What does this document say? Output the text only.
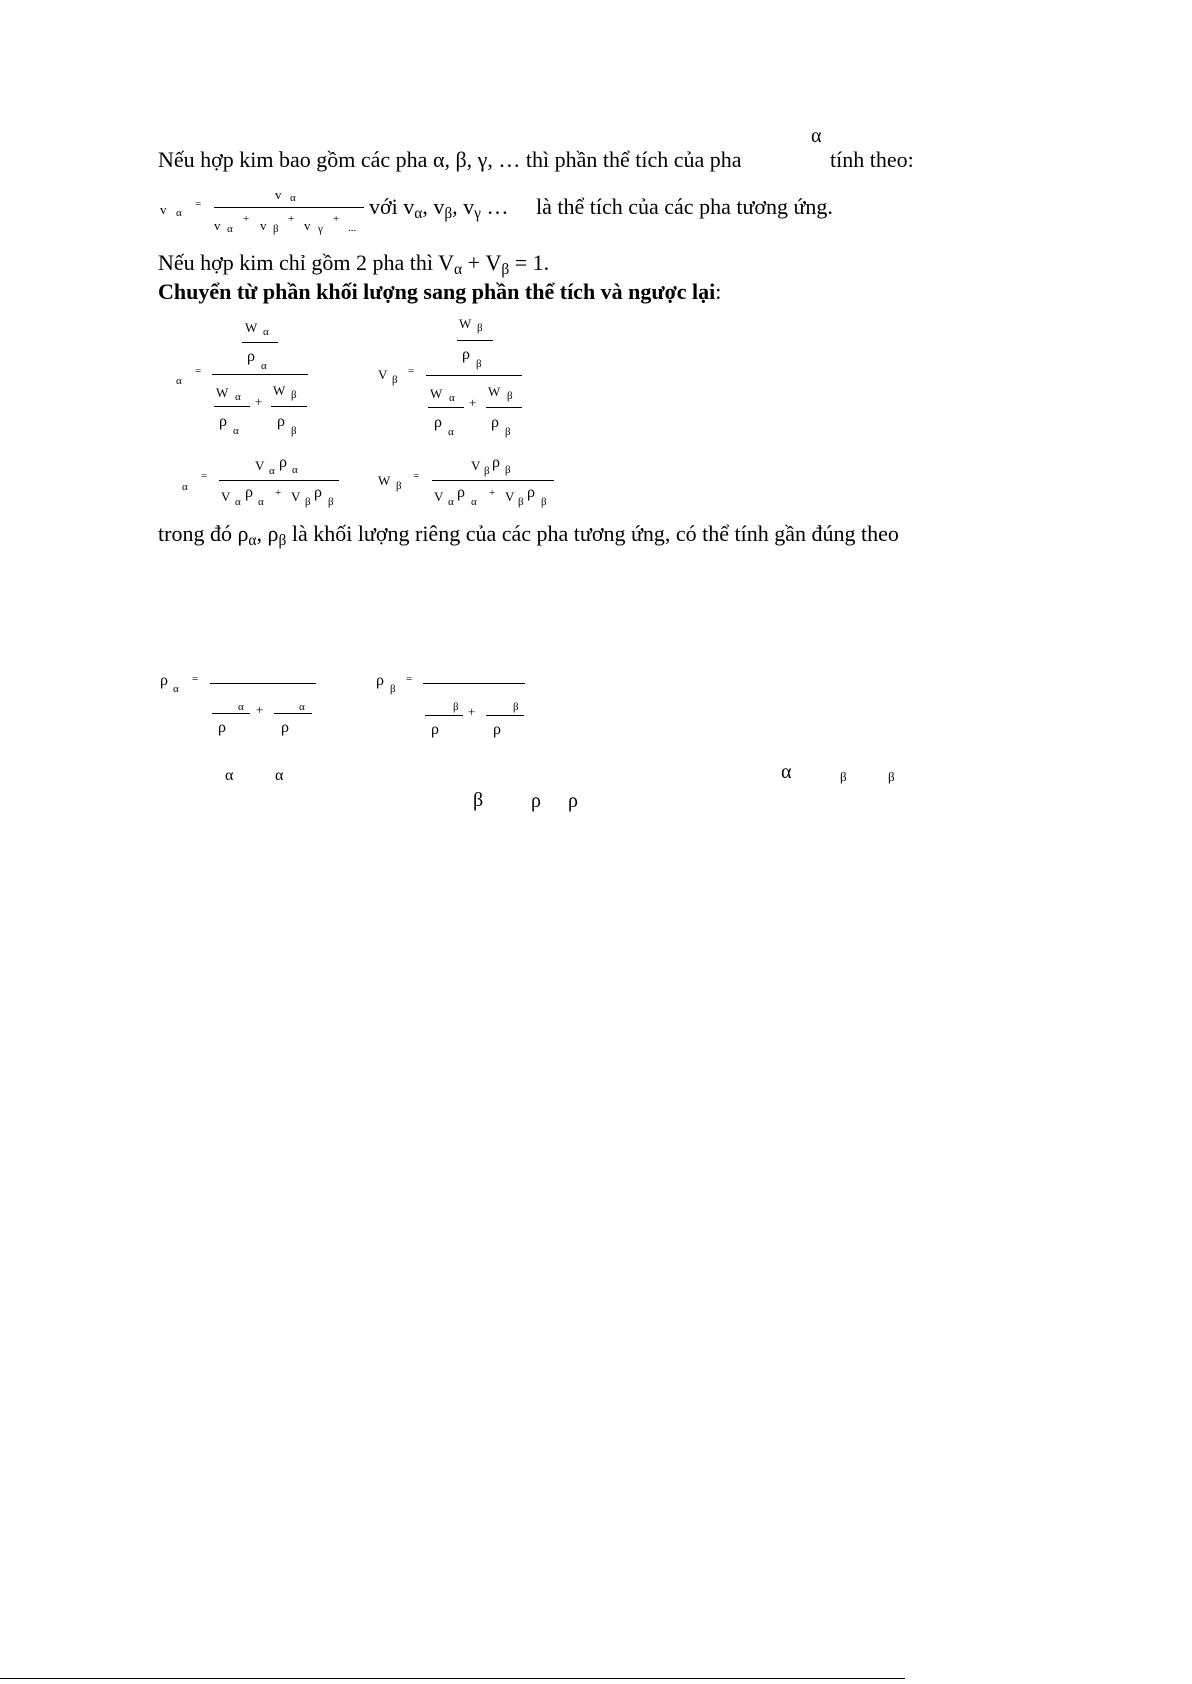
α
Nếu hợp kim bao gồm các pha α, β, γ, … thì phần thể tích của pha	tính theo:
v α
=
v α
v α
+ v β
+ v γ
+
...
với $v_\alpha$, $v_\beta$, $v_\gamma$ … là thể tích của các pha tương ứng.
Nếu hợp kim chỉ gồm 2 pha thì $V_\alpha + V_\beta = 1$.
Chuyển từ phần khối lượng sang phần thể tích và ngược lại:
α
=
W α
ρ
α
W α
ρ
α
+
W β
ρ
β
V β
=
W β
ρ
β
W α
ρ
α
+
W β
ρ
β
α
=
V α ρ α
V α
ρ
α
+ V β
ρ
β
W β
=
V β ρ β
V α
ρ
α
+ V β
ρ
β
trong đó $\rho_\alpha$, $\rho_\beta$ là khối lượng riêng của các pha tương ứng, có thể tính gần đúng theo
ρ α
=
α
ρ
+	α
ρ
ρ β
=
β
ρ
+	β
ρ
α	α	α	β	β
β ρ ρ
